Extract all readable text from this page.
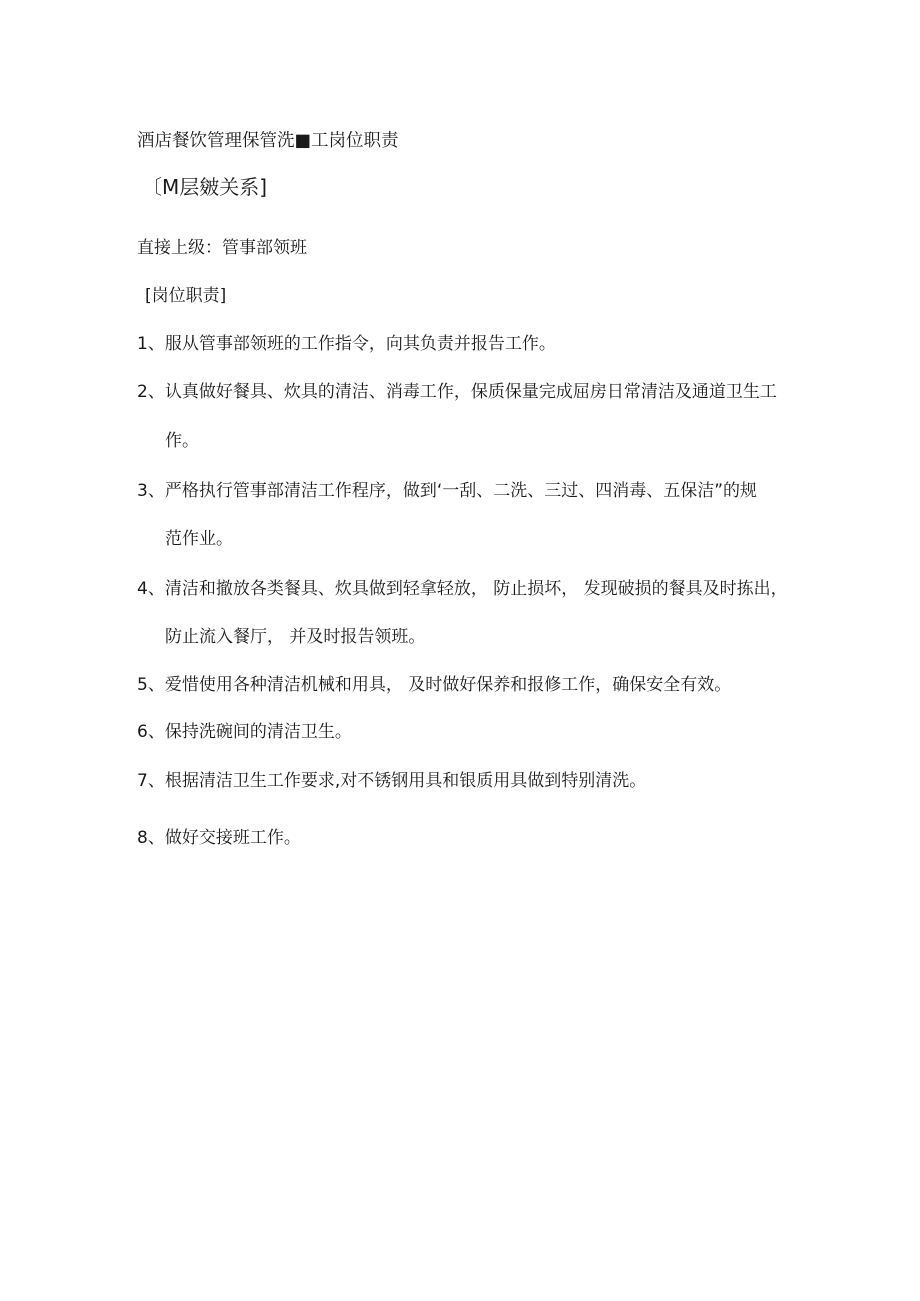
酒店餐饮管理保管洗■工岗位职责
〔M层皴关系]
直接上级：管事部领班
[岗位职责]
1、服从管事部领班的工作指令，向其负责并报告工作。
2、认真做好餐具、炊具的清洁、消毒工作，保质保量完成屈房日常清洁及通道卫生工
作。
3、严格执行管事部清洁工作程序，做到‘一刮、二洗、三过、四消毒、五保洁”的规
范作业。
4、清洁和撤放各类餐具、炊具做到轻拿轻放， 防止损坏， 发现破损的餐具及时拣出，
防止流入餐厅， 并及时报告领班。
5、爱惜使用各种清洁机械和用具， 及时做好保养和报修工作，确保安全有效。
6、保持洗碗间的清洁卫生。
7、根据清洁卫生工作要求,对不锈钢用具和银质用具做到特别清洗。
8、做好交接班工作。
